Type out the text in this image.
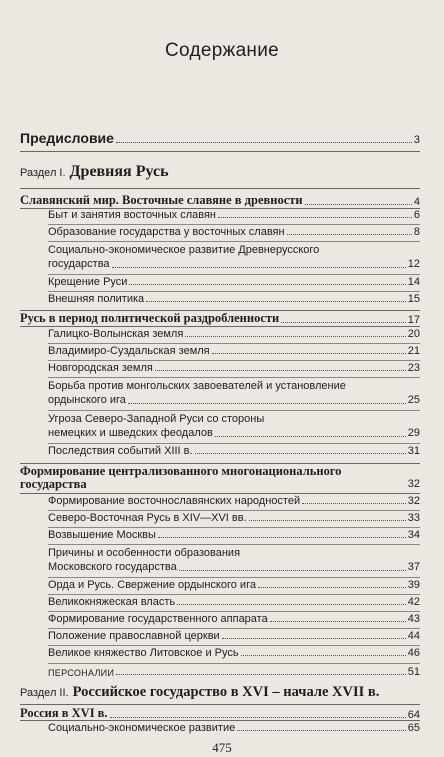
Содержание
Предисловие	3
Раздел I. Древняя Русь
Славянский мир. Восточные славяне в древности	4
Быт и занятия восточных славян	6
Образование государства у восточных славян	8
Социально-экономическое развитие Древнерусского
государства	12
Крещение Руси	14
Внешняя политика	15
Русь в период политической раздробленности	17
Галицко-Волынская земля	20
Владимиро-Суздальская земля	21
Новгородская земля	23
Борьба против монгольских завоевателей и установление
ордынского ига	25
Угроза Северо-Западной Руси со стороны
немецких и шведских феодалов	29
Последствия событий XIII в.	31
Формирование централизованного многонационального
государства	32
Формирование восточнославянских народностей	32
Северо-Восточная Русь в XIV—XVI вв.	33
Возвышение Москвы	34
Причины и особенности образования
Московского государства	37
Орда и Русь. Свержение ордынского ига	39
Великокняжеская власть	42
Формирование государственного аппарата	43
Положение православной церкви	44
Великое княжество Литовское и Русь	46
ПЕРСОНАЛИИ	51
475
Раздел II. Российское государство в XVI – начале XVII в.
Россия в XVI в.	64
Социально-экономическое развитие	65
